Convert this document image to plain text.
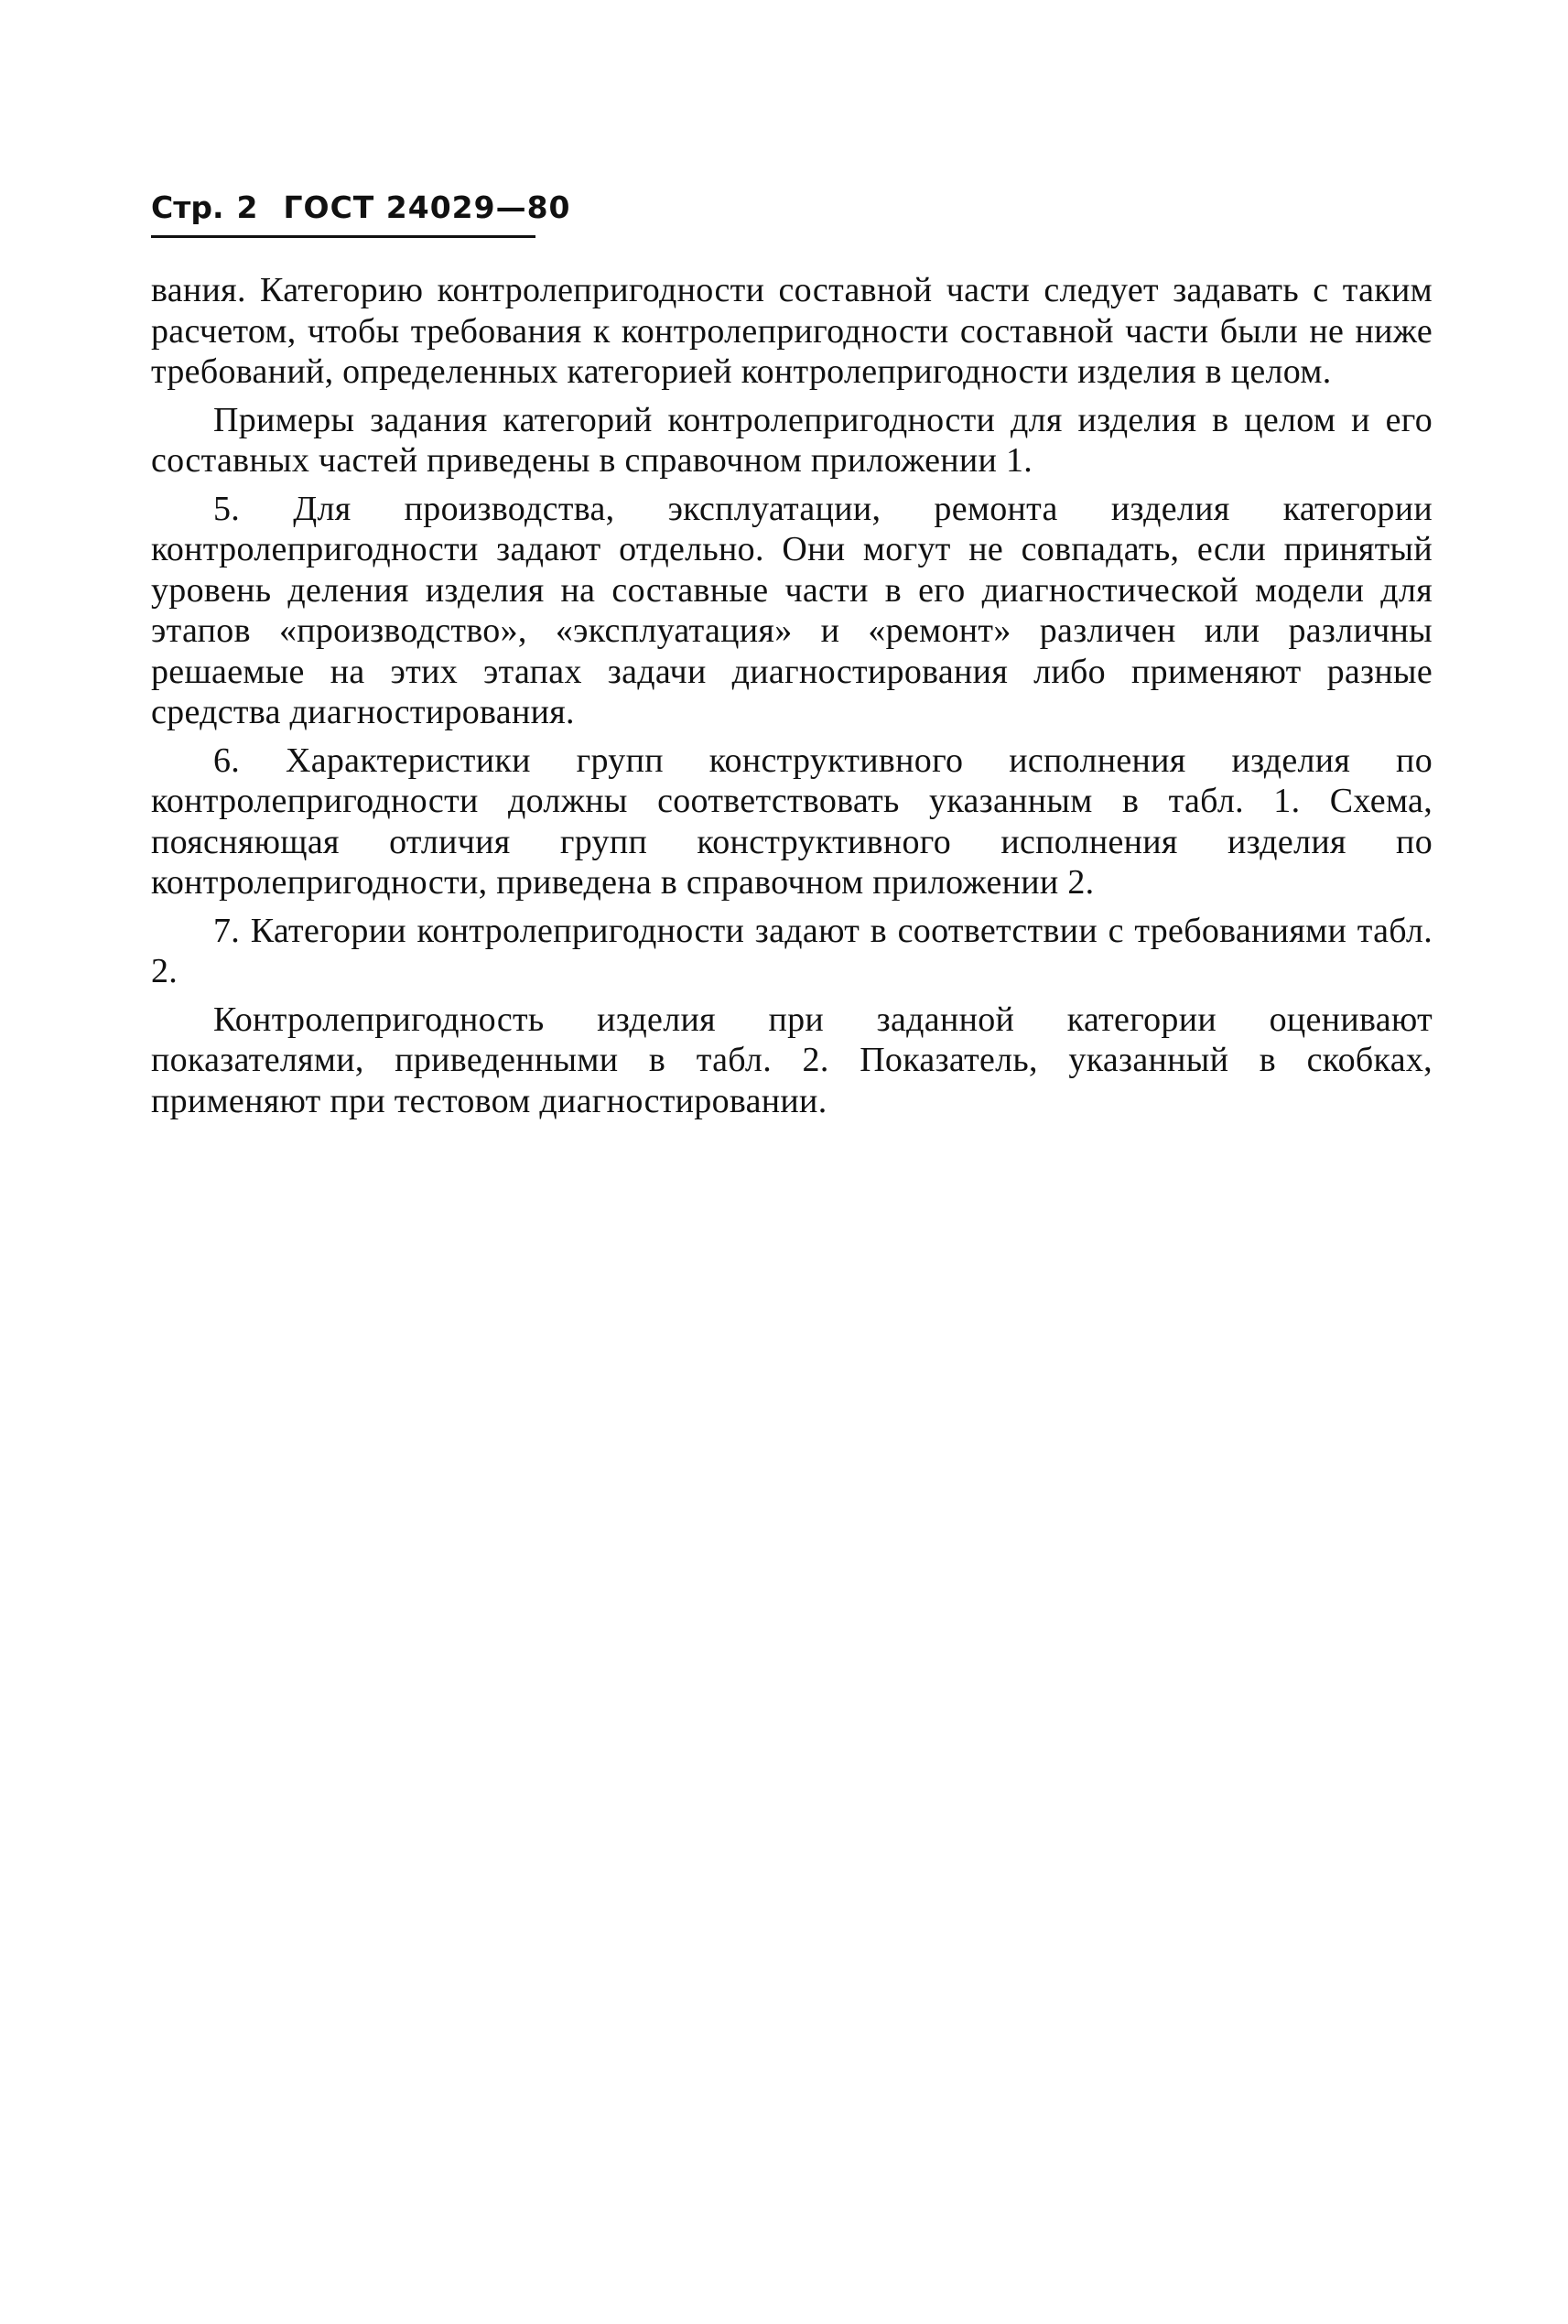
Стр. 2 ГОСТ 24029—80

вания. Категорию контролепригодности составной части следует задавать с таким расчетом, чтобы требования к контролепригодности составной части были не ниже требований, определенных категорией контролепригодности изделия в целом.

Примеры задания категорий контролепригодности для изделия в целом и его составных частей приведены в справочном приложении 1.

5. Для производства, эксплуатации, ремонта изделия категории контролепригодности задают отдельно. Они могут не совпадать, если принятый уровень деления изделия на составные части в его диагностической модели для этапов «производство», «эксплуатация» и «ремонт» различен или различны решаемые на этих этапах задачи диагностирования либо применяют разные средства диагностирования.

6. Характеристики групп конструктивного исполнения изделия по контролепригодности должны соответствовать указанным в табл. 1. Схема, поясняющая отличия групп конструктивного исполнения изделия по контролепригодности, приведена в справочном приложении 2.

7. Категории контролепригодности задают в соответствии с требованиями табл. 2.

Контролепригодность изделия при заданной категории оценивают показателями, приведенными в табл. 2. Показатель, указанный в скобках, применяют при тестовом диагностировании.
